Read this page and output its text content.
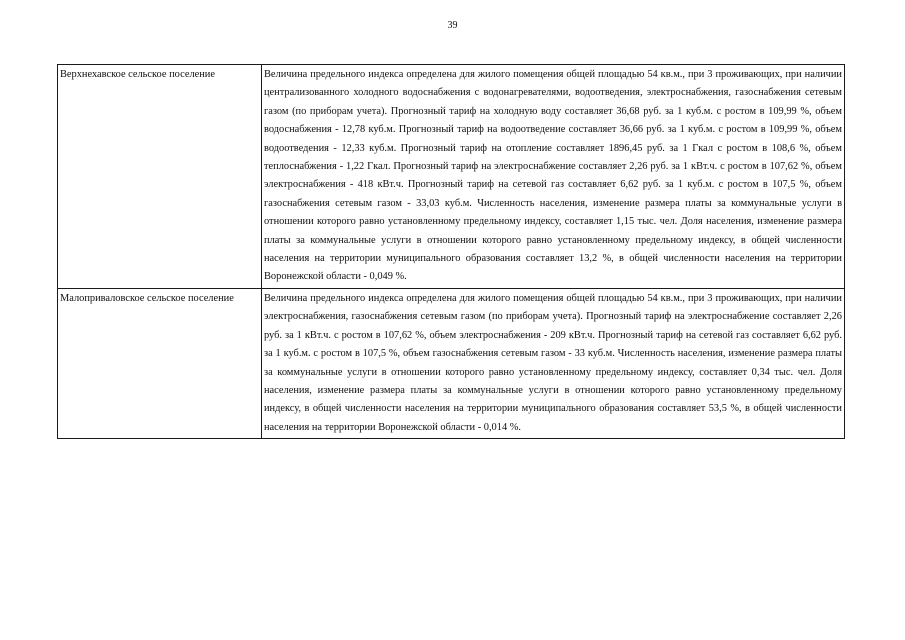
39
Верхнехавское сельское поселение	Величина предельного индекса определена для жилого помещения общей площадью 54 кв.м., при 3 проживающих, при наличии централизованного холодного водоснабжения с водонагревателями, водоотведения, электроснабжения, газоснабжения сетевым газом (по приборам учета). Прогнозный тариф на холодную воду составляет 36,68 руб. за 1 куб.м. с ростом в 109,99 %, объем водоснабжения - 12,78 куб.м. Прогнозный тариф на водоотведение составляет 36,66 руб. за 1 куб.м. с ростом в 109,99 %, объем водоотведения - 12,33 куб.м. Прогнозный тариф на отопление составляет 1896,45 руб. за 1 Гкал с ростом в 108,6 %, объем теплоснабжения - 1,22 Гкал. Прогнозный тариф на электроснабжение составляет 2,26 руб. за 1 кВт.ч. с ростом в 107,62 %, объем электроснабжения - 418 кВт.ч. Прогнозный тариф на сетевой газ составляет 6,62 руб. за 1 куб.м. с ростом в 107,5 %, объем газоснабжения сетевым газом - 33,03 куб.м. Численность населения, изменение размера платы за коммунальные услуги в отношении которого равно установленному предельному индексу, составляет 1,15 тыс. чел. Доля населения, изменение размера платы за коммунальные услуги в отношении которого равно установленному предельному индексу, в общей численности населения на территории муниципального образования составляет 13,2 %, в общей численности населения на территории Воронежской области - 0,049 %.
Малоприваловское сельское поселение	Величина предельного индекса определена для жилого помещения общей площадью 54 кв.м., при 3 проживающих, при наличии электроснабжения, газоснабжения сетевым газом (по приборам учета). Прогнозный тариф на электроснабжение составляет 2,26 руб. за 1 кВт.ч. с ростом в 107,62 %, объем электроснабжения - 209 кВт.ч. Прогнозный тариф на сетевой газ составляет 6,62 руб. за 1 куб.м. с ростом в 107,5 %, объем газоснабжения сетевым газом - 33 куб.м. Численность населения, изменение размера платы за коммунальные услуги в отношении которого равно установленному предельному индексу, составляет 0,34 тыс. чел. Доля населения, изменение размера платы за коммунальные услуги в отношении которого равно установленному предельному индексу, в общей численности населения на территории муниципального образования составляет 53,5 %, в общей численности населения на территории Воронежской области - 0,014 %.
